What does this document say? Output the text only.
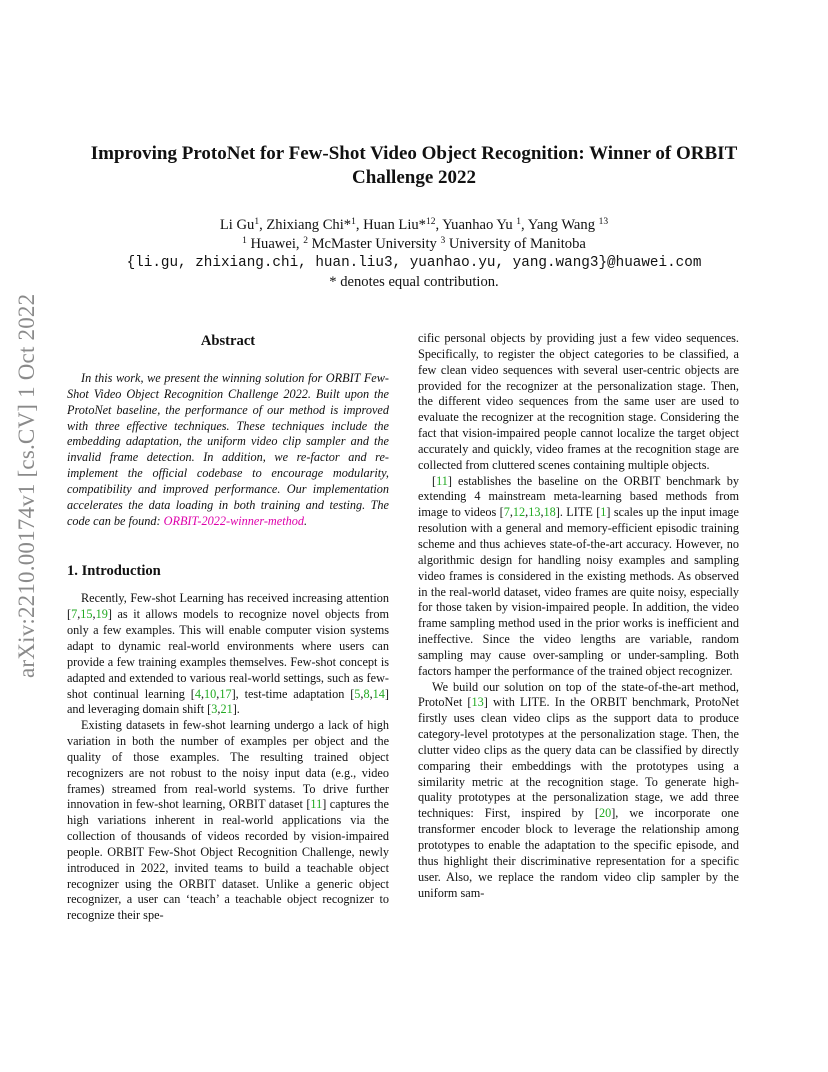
arXiv:2210.00174v1 [cs.CV] 1 Oct 2022
Improving ProtoNet for Few-Shot Video Object Recognition: Winner of ORBIT Challenge 2022
Li Gu$^1$, Zhixiang Chi*$^1$, Huan Liu*$^{12}$, Yuanhao Yu $^1$, Yang Wang $^{13}$
$^1$ Huawei, $^2$ McMaster University $^3$ University of Manitoba
{li.gu, zhixiang.chi, huan.liu3, yuanhao.yu, yang.wang3}@huawei.com
* denotes equal contribution.

Abstract

In this work, we present the winning solution for ORBIT Few-Shot Video Object Recognition Challenge 2022. Built upon the ProtoNet baseline, the performance of our method is improved with three effective techniques. These techniques include the embedding adaptation, the uniform video clip sampler and the invalid frame detection. In addition, we re-factor and re-implement the official codebase to encourage modularity, compatibility and improved performance. Our implementation accelerates the data loading in both training and testing. The code can be found: ORBIT-2022-winner-method.

1. Introduction

Recently, Few-shot Learning has received increasing attention [7,15,19] as it allows models to recognize novel objects from only a few examples. This will enable computer vision systems adapt to dynamic real-world environments where users can provide a few training examples themselves. Few-shot concept is adapted and extended to various real-world settings, such as few-shot continual learning [4,10,17], test-time adaptation [5,8,14] and leveraging domain shift [3,21].

Existing datasets in few-shot learning undergo a lack of high variation in both the number of examples per object and the quality of those examples. The resulting trained object recognizers are not robust to the noisy input data (e.g., video frames) streamed from real-world systems. To drive further innovation in few-shot learning, ORBIT dataset [11] captures the high variations inherent in real-world applications via the collection of thousands of videos recorded by vision-impaired people. ORBIT Few-Shot Object Recognition Challenge, newly introduced in 2022, invited teams to build a teachable object recognizer using the ORBIT dataset. Unlike a generic object recognizer, a user can ‘teach’ a teachable object recognizer to recognize their spe-

cific personal objects by providing just a few video sequences. Specifically, to register the object categories to be classified, a few clean video sequences with several user-centric objects are provided for the recognizer at the personalization stage. Then, the different video sequences from the same user are used to evaluate the recognizer at the recognition stage. Considering the fact that vision-impaired people cannot localize the target object accurately and quickly, video frames at the recognition stage are collected from cluttered scenes containing multiple objects.

[11] establishes the baseline on the ORBIT benchmark by extending 4 mainstream meta-learning based methods from image to videos [7,12,13,18]. LITE [1] scales up the input image resolution with a general and memory-efficient episodic training scheme and thus achieves state-of-the-art accuracy. However, no algorithmic design for handling noisy examples and sampling video frames is considered in the existing methods. As observed in the real-world dataset, video frames are quite noisy, especially for those taken by vision-impaired people. In addition, the video frame sampling method used in the prior works is inefficient and ineffective. Since the video lengths are variable, random sampling may cause over-sampling or under-sampling. Both factors hamper the performance of the trained object recognizer.

We build our solution on top of the state-of-the-art method, ProtoNet [13] with LITE. In the ORBIT benchmark, ProtoNet firstly uses clean video clips as the support data to produce category-level prototypes at the personalization stage. Then, the clutter video clips as the query data can be classified by directly comparing their embeddings with the prototypes using a similarity metric at the recognition stage. To generate high-quality prototypes at the personalization stage, we add three techniques: First, inspired by [20], we incorporate one transformer encoder block to leverage the relationship among prototypes to enable the adaptation to the specific episode, and thus highlight their discriminative representation for a specific user. Also, we replace the random video clip sampler by the uniform sam-
